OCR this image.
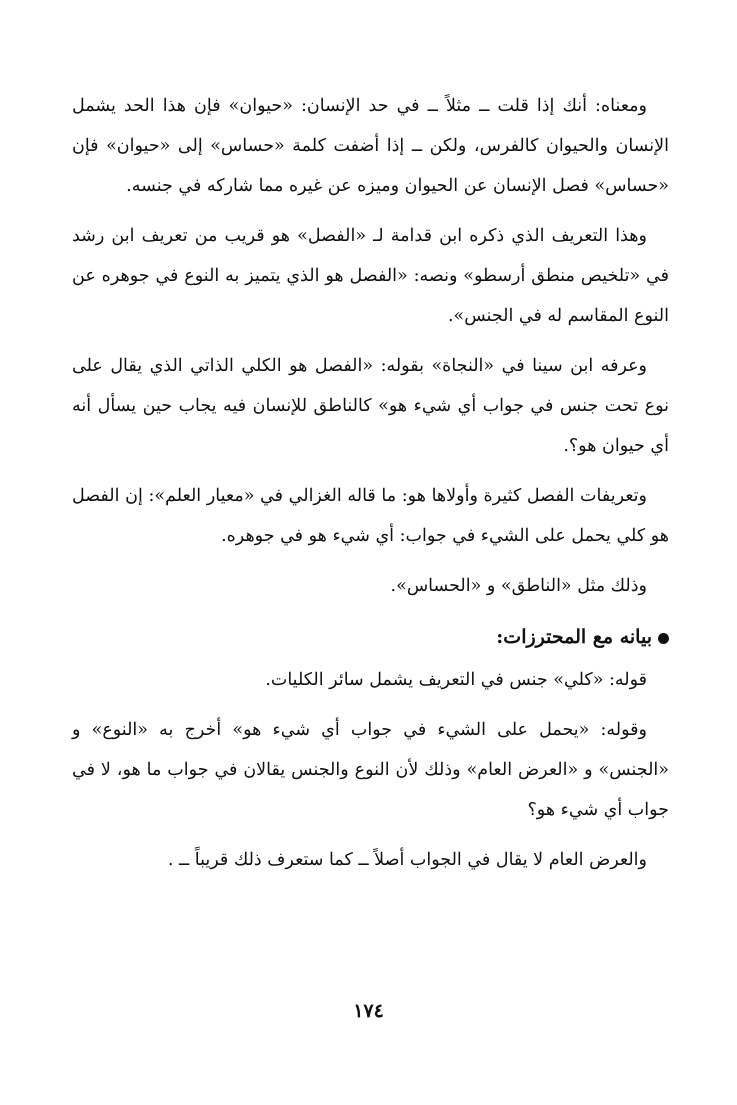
ومعناه: أنك إذا قلت ــ مثلاً ــ في حد الإنسان: «حيوان» فإن هذا الحد يشمل الإنسان والحيوان كالفرس، ولكن ــ إذا أضفت كلمة «حساس» إلى «حيوان» فإن «حساس» فصل الإنسان عن الحيوان وميزه عن غيره مما شاركه في جنسه.

وهذا التعريف الذي ذكره ابن قدامة لـ «الفصل» هو قريب من تعريف ابن رشد في «تلخيص منطق أرسطو» ونصه: «الفصل هو الذي يتميز به النوع في جوهره عن النوع المقاسم له في الجنس».

وعرفه ابن سينا في «النجاة» بقوله: «الفصل هو الكلي الذاتي الذي يقال على نوع تحت جنس في جواب أي شيء هو» كالناطق للإنسان فيه يجاب حين يسأل أنه أي حيوان هو؟.

وتعريفات الفصل كثيرة وأولاها هو: ما قاله الغزالي في «معيار العلم»: إن الفصل هو كلي يحمل على الشيء في جواب: أي شيء هو في جوهره.

وذلك مثل «الناطق» و «الحساس».

بيانه مع المحترزات:

قوله: «كلي» جنس في التعريف يشمل سائر الكليات.

وقوله: «يحمل على الشيء في جواب أي شيء هو» أخرج به «النوع» و «الجنس» و «العرض العام» وذلك لأن النوع والجنس يقالان في جواب ما هو، لا في جواب أي شيء هو؟

والعرض العام لا يقال في الجواب أصلاً ــ كما ستعرف ذلك قريباً ــ .

١٧٤
